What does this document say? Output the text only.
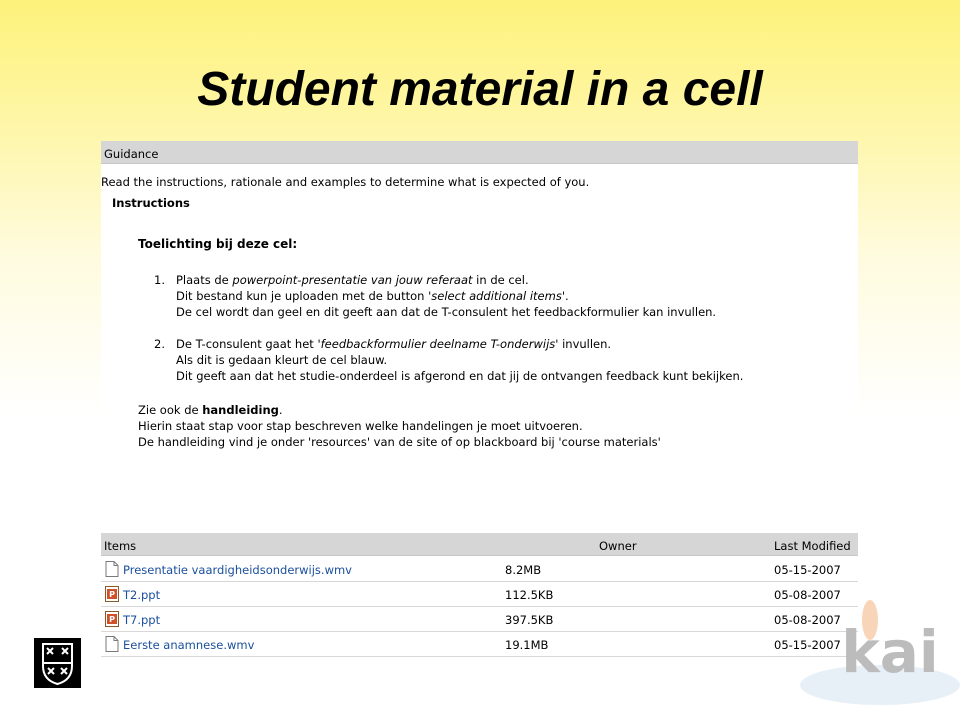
Student material in a cell
Guidance
Read the instructions, rationale and examples to determine what is expected of you.
Instructions
Toelichting bij deze cel:
1. Plaats de powerpoint-presentatie van jouw referaat in de cel.
Dit bestand kun je uploaden met de button 'select additional items'.
De cel wordt dan geel en dit geeft aan dat de T-consulent het feedbackformulier kan invullen.
2. De T-consulent gaat het 'feedbackformulier deelname T-onderwijs' invullen.
Als dit is gedaan kleurt de cel blauw.
Dit geeft aan dat het studie-onderdeel is afgerond en dat jij de ontvangen feedback kunt bekijken.
Zie ook de handleiding.
Hierin staat stap voor stap beschreven welke handelingen je moet uitvoeren.
De handleiding vind je onder 'resources' van de site of op blackboard bij 'course materials'
Items	Owner	Last Modified
Presentatie vaardigheidsonderwijs.wmv	8.2MB	05-15-2007
P T2.ppt	112.5KB	05-08-2007
P T7.ppt	397.5KB	05-08-2007
Eerste anamnese.wmv	19.1MB	05-15-2007 kai
